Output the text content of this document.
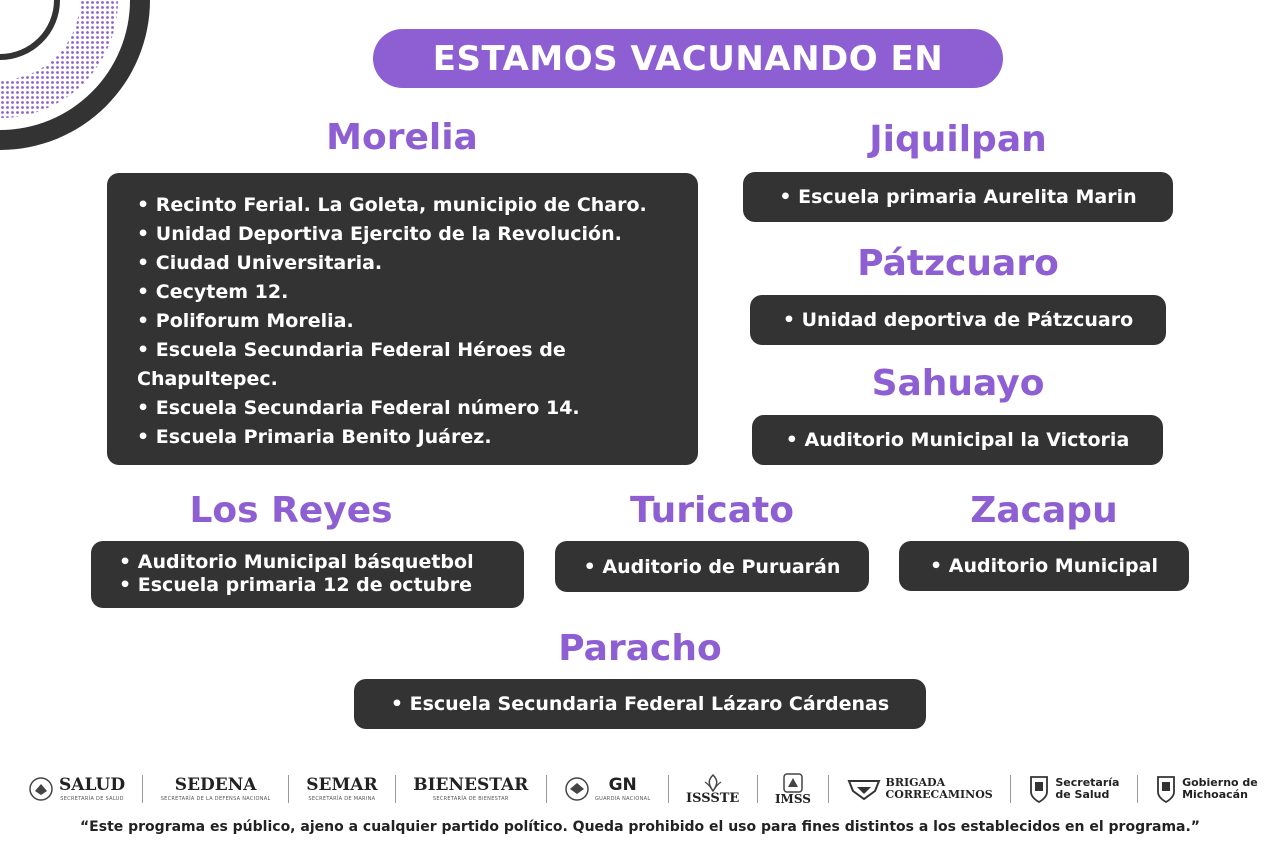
ESTAMOS VACUNANDO EN
Morelia
• Recinto Ferial. La Goleta, municipio de Charo.
• Unidad Deportiva Ejercito de la Revolución.
• Ciudad Universitaria.
• Cecytem 12.
• Poliforum Morelia.
• Escuela Secundaria Federal Héroes de Chapultepec.
• Escuela Secundaria Federal número 14.
• Escuela Primaria Benito Juárez.
Jiquilpan
• Escuela primaria Aurelita Marin
Pátzcuaro
• Unidad deportiva de Pátzcuaro
Sahuayo
• Auditorio Municipal la Victoria
Los Reyes
• Auditorio Municipal básquetbol
• Escuela primaria 12 de octubre
Turicato
• Auditorio de Puruarán
Zacapu
• Auditorio Municipal
Paracho
• Escuela Secundaria Federal Lázaro Cárdenas
SALUD
SECRETARÍA DE SALUD
SEDENA
SECRETARÍA DE LA DEFENSA NACIONAL
SEMAR
SECRETARÍA DE MARINA
BIENESTAR
SECRETARÍA DE BIENESTAR
GN
GUARDIA NACIONAL	ISSSTE	IMSS
BRIGADA
CORRECAMINOS
Secretaría
de Salud
Gobierno de
Michoacán
“Este programa es público, ajeno a cualquier partido político. Queda prohibido el uso para fines distintos a los establecidos en el programa.”
